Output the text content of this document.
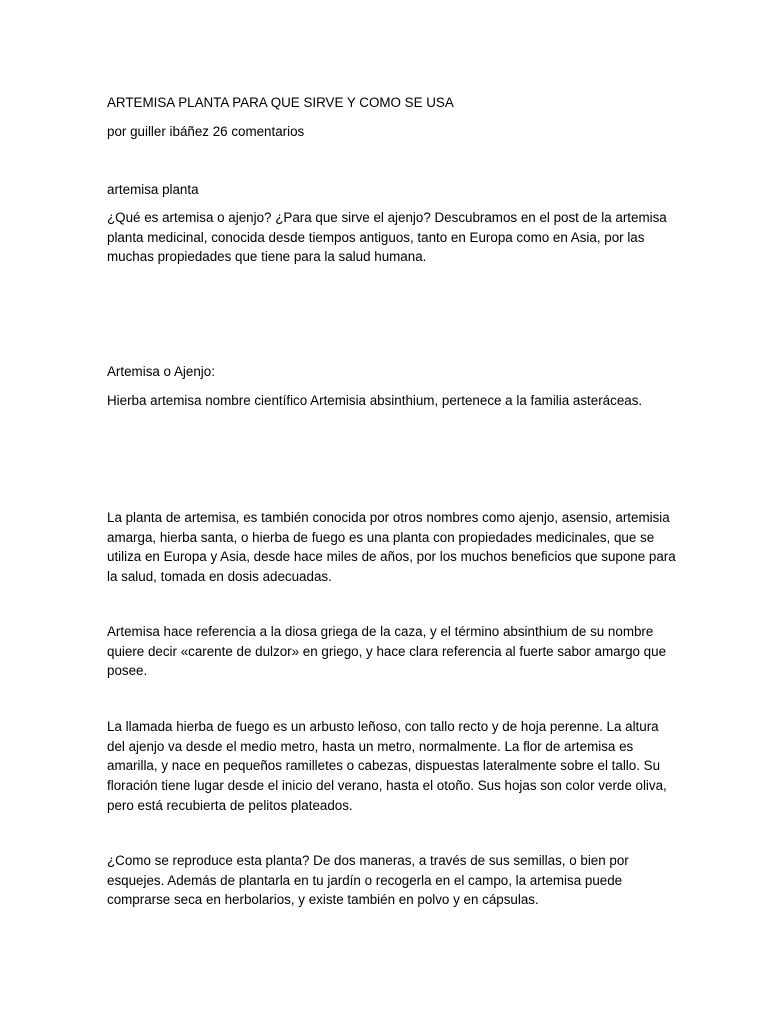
ARTEMISA PLANTA PARA QUE SIRVE Y COMO SE USA

por guiller ibáñez 26 comentarios

artemisa planta

¿Qué es artemisa o ajenjo? ¿Para que sirve el ajenjo? Descubramos en el post de la artemisa planta medicinal, conocida desde tiempos antiguos, tanto en Europa como en Asia, por las muchas propiedades que tiene para la salud humana.

Artemisa o Ajenjo:

Hierba artemisa nombre científico Artemisia absinthium, pertenece a la familia asteráceas.

La planta de artemisa, es también conocida por otros nombres como ajenjo, asensio, artemisia amarga, hierba santa, o hierba de fuego es una planta con propiedades medicinales, que se utiliza en Europa y Asia, desde hace miles de años, por los muchos beneficios que supone para la salud, tomada en dosis adecuadas.

Artemisa hace referencia a la diosa griega de la caza, y el término absinthium de su nombre quiere decir «carente de dulzor» en griego, y hace clara referencia al fuerte sabor amargo que posee.

La llamada hierba de fuego es un arbusto leñoso, con tallo recto y de hoja perenne. La altura del ajenjo va desde el medio metro, hasta un metro, normalmente. La flor de artemisa es amarilla, y nace en pequeños ramilletes o cabezas, dispuestas lateralmente sobre el tallo. Su floración tiene lugar desde el inicio del verano, hasta el otoño. Sus hojas son color verde oliva, pero está recubierta de pelitos plateados.

¿Como se reproduce esta planta? De dos maneras, a través de sus semillas, o bien por esquejes. Además de plantarla en tu jardín o recogerla en el campo, la artemisa puede comprarse seca en herbolarios, y existe también en polvo y en cápsulas.
